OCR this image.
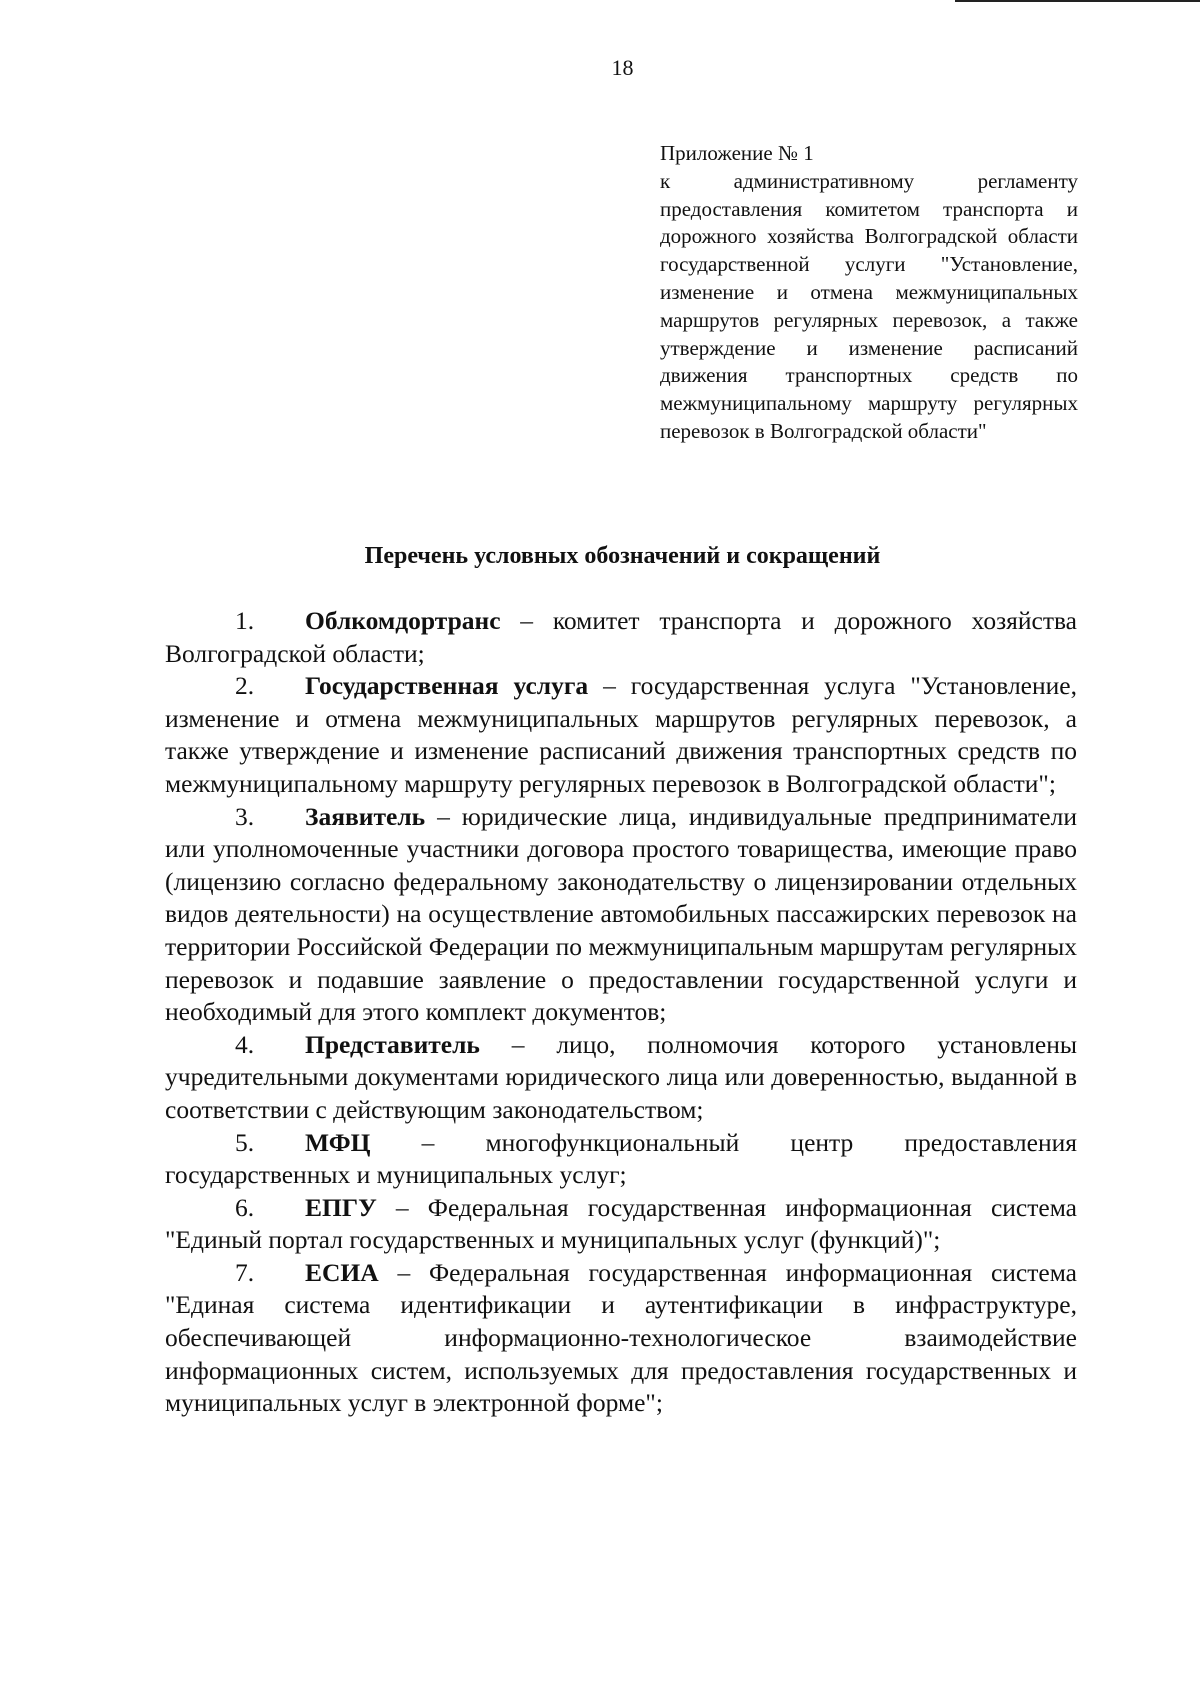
18
Приложение № 1
к административному регламенту предоставления комитетом транспорта и дорожного хозяйства Волгоградской области государственной услуги "Установление, изменение и отмена межмуниципальных маршрутов регулярных перевозок, а также утверждение и изменение расписаний движения транспортных средств по межмуниципальному маршруту регулярных перевозок в Волгоградской области"
Перечень условных обозначений и сокращений

1. Облкомдортранс – комитет транспорта и дорожного хозяйства Волгоградской области;

2. Государственная услуга – государственная услуга "Установление, изменение и отмена межмуниципальных маршрутов регулярных перевозок, а также утверждение и изменение расписаний движения транспортных средств по межмуниципальному маршруту регулярных перевозок в Волгоградской области";

3. Заявитель – юридические лица, индивидуальные предприниматели или уполномоченные участники договора простого товарищества, имеющие право (лицензию согласно федеральному законодательству о лицензировании отдельных видов деятельности) на осуществление автомобильных пассажирских перевозок на территории Российской Федерации по межмуниципальным маршрутам регулярных перевозок и подавшие заявление о предоставлении государственной услуги и необходимый для этого комплект документов;

4. Представитель – лицо, полномочия которого установлены учредительными документами юридического лица или доверенностью, выданной в соответствии с действующим законодательством;

5. МФЦ – многофункциональный центр предоставления государственных и муниципальных услуг;

6. ЕПГУ – Федеральная государственная информационная система "Единый портал государственных и муниципальных услуг (функций)";

7. ЕСИА – Федеральная государственная информационная система "Единая система идентификации и аутентификации в инфраструктуре, обеспечивающей информационно-технологическое взаимодействие информационных систем, используемых для предоставления государственных и муниципальных услуг в электронной форме";
